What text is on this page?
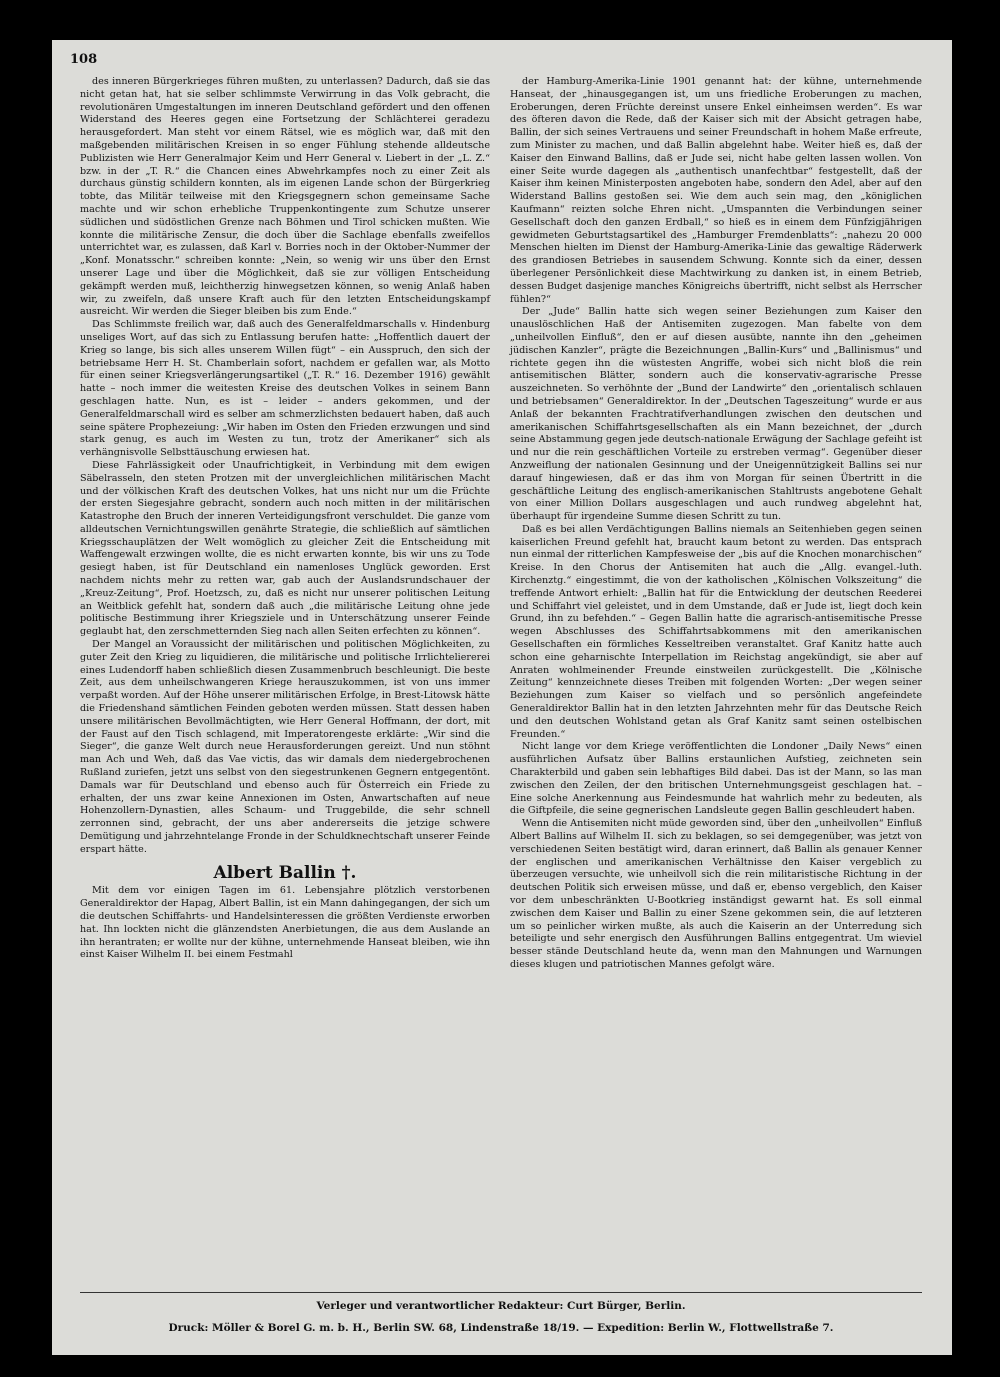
108

des inneren Bürgerkrieges führen mußten, zu unterlassen? Dadurch, daß sie das nicht getan hat, hat sie selber schlimmste Verwirrung in das Volk gebracht, die revolutionären Umgestaltungen im inneren Deutschland gefördert und den offenen Widerstand des Heeres gegen eine Fortsetzung der Schlächterei geradezu herausgefordert. Man steht vor einem Rätsel, wie es möglich war, daß mit den maßgebenden militärischen Kreisen in so enger Fühlung stehende alldeutsche Publizisten wie Herr Generalmajor Keim und Herr General v. Liebert in der „L. Z.“ bzw. in der „T. R.“ die Chancen eines Abwehrkampfes noch zu einer Zeit als durchaus günstig schildern konnten, als im eigenen Lande schon der Bürgerkrieg tobte, das Militär teilweise mit den Kriegsgegnern schon gemeinsame Sache machte und wir schon erhebliche Truppenkontingente zum Schutze unserer südlichen und südöstlichen Grenze nach Böhmen und Tirol schicken mußten. Wie konnte die militärische Zensur, die doch über die Sachlage ebenfalls zweifellos unterrichtet war, es zulassen, daß Karl v. Borries noch in der Oktober-Nummer der „Konf. Monatsschr.“ schreiben konnte: „Nein, so wenig wir uns über den Ernst unserer Lage und über die Möglichkeit, daß sie zur völligen Entscheidung gekämpft werden muß, leichtherzig hinwegsetzen können, so wenig Anlaß haben wir, zu zweifeln, daß unsere Kraft auch für den letzten Entscheidungskampf ausreicht. Wir werden die Sieger bleiben bis zum Ende.“

Das Schlimmste freilich war, daß auch des Generalfeldmarschalls v. Hindenburg unseliges Wort, auf das sich zu Entlassung berufen hatte: „Hoffentlich dauert der Krieg so lange, bis sich alles unserem Willen fügt“ – ein Ausspruch, den sich der betriebsame Herr H. St. Chamberlain sofort, nachdem er gefallen war, als Motto für einen seiner Kriegsverlängerungsartikel („T. R.“ 16. Dezember 1916) gewählt hatte – noch immer die weitesten Kreise des deutschen Volkes in seinem Bann geschlagen hatte. Nun, es ist – leider – anders gekommen, und der Generalfeldmarschall wird es selber am schmerzlichsten bedauert haben, daß auch seine spätere Prophezeiung: „Wir haben im Osten den Frieden erzwungen und sind stark genug, es auch im Westen zu tun, trotz der Amerikaner“ sich als verhängnisvolle Selbsttäuschung erwiesen hat.

Diese Fahrlässigkeit oder Unaufrichtigkeit, in Verbindung mit dem ewigen Säbelrasseln, den steten Protzen mit der unvergleichlichen militärischen Macht und der völkischen Kraft des deutschen Volkes, hat uns nicht nur um die Früchte der ersten Siegesjahre gebracht, sondern auch noch mitten in der militärischen Katastrophe den Bruch der inneren Verteidigungsfront verschuldet. Die ganze vom alldeutschen Vernichtungswillen genährte Strategie, die schließlich auf sämtlichen Kriegsschauplätzen der Welt womöglich zu gleicher Zeit die Entscheidung mit Waffengewalt erzwingen wollte, die es nicht erwarten konnte, bis wir uns zu Tode gesiegt haben, ist für Deutschland ein namenloses Unglück geworden. Erst nachdem nichts mehr zu retten war, gab auch der Auslandsrundschauer der „Kreuz-Zeitung“, Prof. Hoetzsch, zu, daß es nicht nur unserer politischen Leitung an Weitblick gefehlt hat, sondern daß auch „die militärische Leitung ohne jede politische Bestimmung ihrer Kriegsziele und in Unterschätzung unserer Feinde geglaubt hat, den zerschmetternden Sieg nach allen Seiten erfechten zu können“.

Der Mangel an Voraussicht der militärischen und politischen Möglichkeiten, zu guter Zeit den Krieg zu liquidieren, die militärische und politische Irrlichteliererei eines Ludendorff haben schließlich diesen Zusammenbruch beschleunigt. Die beste Zeit, aus dem unheilschwangeren Kriege herauszukommen, ist von uns immer verpaßt worden. Auf der Höhe unserer militärischen Erfolge, in Brest-Litowsk hätte die Friedenshand sämtlichen Feinden geboten werden müssen. Statt dessen haben unsere militärischen Bevollmächtigten, wie Herr General Hoffmann, der dort, mit der Faust auf den Tisch schlagend, mit Imperatorengeste erklärte: „Wir sind die Sieger“, die ganze Welt durch neue Herausforderungen gereizt. Und nun stöhnt man Ach und Weh, daß das Vae victis, das wir damals dem niedergebrochenen Rußland zuriefen, jetzt uns selbst von den siegestrunkenen Gegnern entgegentönt. Damals war für Deutschland und ebenso auch für Österreich ein Friede zu erhalten, der uns zwar keine Annexionen im Osten, Anwartschaften auf neue Hohenzollern-Dynastien, alles Schaum- und Truggebilde, die sehr schnell zerronnen sind, gebracht, der uns aber andererseits die jetzige schwere Demütigung und jahrzehntelange Fronde in der Schuldknechtschaft unserer Feinde erspart hätte.

Albert Ballin †.

Mit dem vor einigen Tagen im 61. Lebensjahre plötzlich verstorbenen Generaldirektor der Hapag, Albert Ballin, ist ein Mann dahingegangen, der sich um die deutschen Schiffahrts- und Handelsinteressen die größten Verdienste erworben hat. Ihn lockten nicht die glänzendsten Anerbietungen, die aus dem Auslande an ihn herantraten; er wollte nur der kühne, unternehmende Hanseat bleiben, wie ihn einst Kaiser Wilhelm II. bei einem Festmahl

der Hamburg-Amerika-Linie 1901 genannt hat: der kühne, unternehmende Hanseat, der „hinausgegangen ist, um uns friedliche Eroberungen zu machen, Eroberungen, deren Früchte dereinst unsere Enkel einheimsen werden“. Es war des öfteren davon die Rede, daß der Kaiser sich mit der Absicht getragen habe, Ballin, der sich seines Vertrauens und seiner Freundschaft in hohem Maße erfreute, zum Minister zu machen, und daß Ballin abgelehnt habe. Weiter hieß es, daß der Kaiser den Einwand Ballins, daß er Jude sei, nicht habe gelten lassen wollen. Von einer Seite wurde dagegen als „authentisch unanfechtbar“ festgestellt, daß der Kaiser ihm keinen Ministerposten angeboten habe, sondern den Adel, aber auf den Widerstand Ballins gestoßen sei. Wie dem auch sein mag, den „königlichen Kaufmann“ reizten solche Ehren nicht. „Umspannten die Verbindungen seiner Gesellschaft doch den ganzen Erdball,“ so hieß es in einem dem Fünfzigjährigen gewidmeten Geburtstagsartikel des „Hamburger Fremdenblatts“: „nahezu 20 000 Menschen hielten im Dienst der Hamburg-Amerika-Linie das gewaltige Räderwerk des grandiosen Betriebes in sausendem Schwung. Konnte sich da einer, dessen überlegener Persönlichkeit diese Machtwirkung zu danken ist, in einem Betrieb, dessen Budget dasjenige manches Königreichs übertrifft, nicht selbst als Herrscher fühlen?“

Der „Jude“ Ballin hatte sich wegen seiner Beziehungen zum Kaiser den unauslöschlichen Haß der Antisemiten zugezogen. Man fabelte von dem „unheilvollen Einfluß“, den er auf diesen ausübte, nannte ihn den „geheimen jüdischen Kanzler“, prägte die Bezeichnungen „Ballin-Kurs“ und „Ballinismus“ und richtete gegen ihn die wüstesten Angriffe, wobei sich nicht bloß die rein antisemitischen Blätter, sondern auch die konservativ-agrarische Presse auszeichneten. So verhöhnte der „Bund der Landwirte“ den „orientalisch schlauen und betriebsamen“ Generaldirektor. In der „Deutschen Tageszeitung“ wurde er aus Anlaß der bekannten Frachtratifverhandlungen zwischen den deutschen und amerikanischen Schiffahrtsgesellschaften als ein Mann bezeichnet, der „durch seine Abstammung gegen jede deutsch-nationale Erwägung der Sachlage gefeiht ist und nur die rein geschäftlichen Vorteile zu erstreben vermag“. Gegenüber dieser Anzweiflung der nationalen Gesinnung und der Uneigennützigkeit Ballins sei nur darauf hingewiesen, daß er das ihm von Morgan für seinen Übertritt in die geschäftliche Leitung des englisch-amerikanischen Stahltrusts angebotene Gehalt von einer Million Dollars ausgeschlagen und auch rundweg abgelehnt hat, überhaupt für irgendeine Summe diesen Schritt zu tun.

Daß es bei allen Verdächtigungen Ballins niemals an Seitenhieben gegen seinen kaiserlichen Freund gefehlt hat, braucht kaum betont zu werden. Das entsprach nun einmal der ritterlichen Kampfesweise der „bis auf die Knochen monarchischen“ Kreise. In den Chorus der Antisemiten hat auch die „Allg. evangel.-luth. Kirchenztg.“ eingestimmt, die von der katholischen „Kölnischen Volkszeitung“ die treffende Antwort erhielt: „Ballin hat für die Entwicklung der deutschen Reederei und Schiffahrt viel geleistet, und in dem Umstande, daß er Jude ist, liegt doch kein Grund, ihn zu befehden.“ – Gegen Ballin hatte die agrarisch-antisemitische Presse wegen Abschlusses des Schiffahrtsabkommens mit den amerikanischen Gesellschaften ein förmliches Kesseltreiben veranstaltet. Graf Kanitz hatte auch schon eine geharnischte Interpellation im Reichstag angekündigt, sie aber auf Anraten wohlmeinender Freunde einstweilen zurückgestellt. Die „Kölnische Zeitung“ kennzeichnete dieses Treiben mit folgenden Worten: „Der wegen seiner Beziehungen zum Kaiser so vielfach und so persönlich angefeindete Generaldirektor Ballin hat in den letzten Jahrzehnten mehr für das Deutsche Reich und den deutschen Wohlstand getan als Graf Kanitz samt seinen ostelbischen Freunden.“

Nicht lange vor dem Kriege veröffentlichten die Londoner „Daily News“ einen ausführlichen Aufsatz über Ballins erstaunlichen Aufstieg, zeichneten sein Charakterbild und gaben sein lebhaftiges Bild dabei. Das ist der Mann, so las man zwischen den Zeilen, der den britischen Unternehmungsgeist geschlagen hat. – Eine solche Anerkennung aus Feindesmunde hat wahrlich mehr zu bedeuten, als die Giftpfeile, die seine gegnerischen Landsleute gegen Ballin geschleudert haben.

Wenn die Antisemiten nicht müde geworden sind, über den „unheilvollen“ Einfluß Albert Ballins auf Wilhelm II. sich zu beklagen, so sei demgegenüber, was jetzt von verschiedenen Seiten bestätigt wird, daran erinnert, daß Ballin als genauer Kenner der englischen und amerikanischen Verhältnisse den Kaiser vergeblich zu überzeugen versuchte, wie unheilvoll sich die rein militaristische Richtung in der deutschen Politik sich erweisen müsse, und daß er, ebenso vergeblich, den Kaiser vor dem unbeschränkten U-Bootkrieg inständigst gewarnt hat. Es soll einmal zwischen dem Kaiser und Ballin zu einer Szene gekommen sein, die auf letzteren um so peinlicher wirken mußte, als auch die Kaiserin an der Unterredung sich beteiligte und sehr energisch den Ausführungen Ballins entgegentrat. Um wieviel besser stände Deutschland heute da, wenn man den Mahnungen und Warnungen dieses klugen und patriotischen Mannes gefolgt wäre.

Verleger und verantwortlicher Redakteur: Curt Bürger, Berlin.
Druck: Möller & Borel G. m. b. H., Berlin SW. 68, Lindenstraße 18/19. — Expedition: Berlin W., Flottwellstraße 7.
